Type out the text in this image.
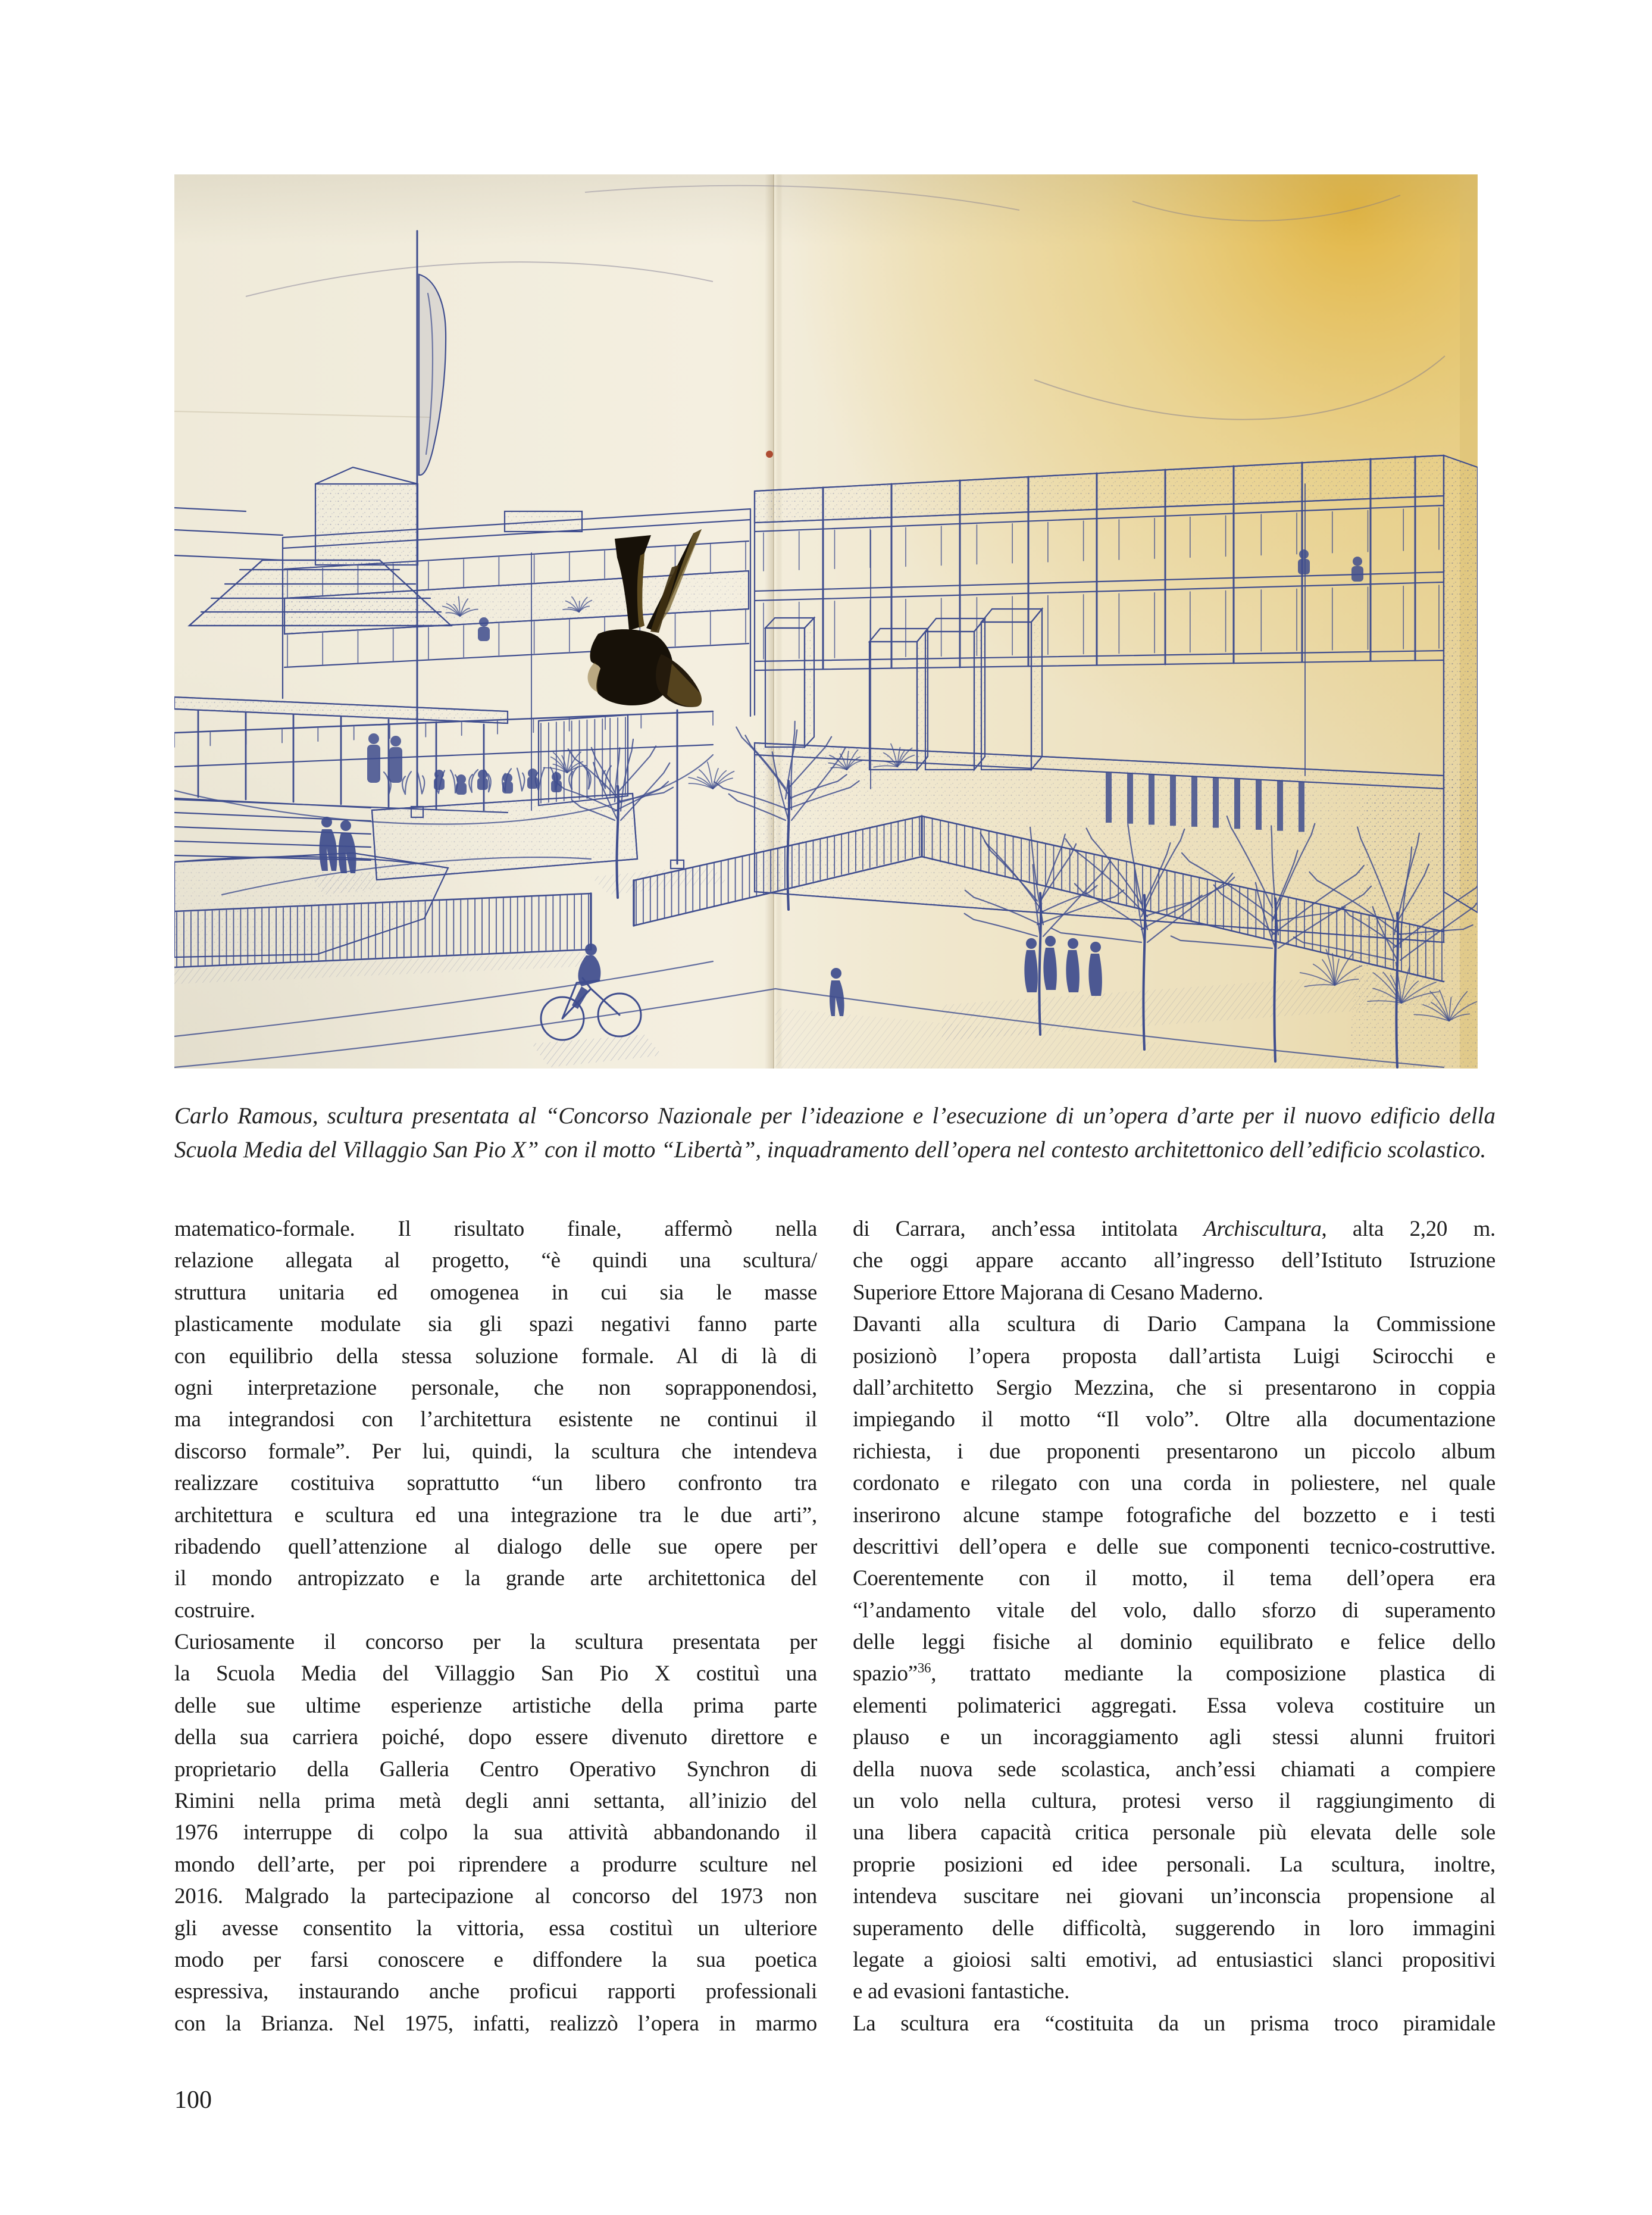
Carlo Ramous, scultura presentata al “Concorso Nazionale per l’ideazione e l’esecuzione di un’opera d’arte per il nuovo edificio della Scuola Media del Villaggio San Pio X” con il motto “Libertà”, inquadramento dell’opera nel contesto architettonico dell’edificio scolastico.
matematico-formale. Il risultato finale, affermò nella
relazione allegata al progetto, “è quindi una scultura/
struttura unitaria ed omogenea in cui sia le masse
plasticamente modulate sia gli spazi negativi fanno parte
con equilibrio della stessa soluzione formale. Al di là di
ogni interpretazione personale, che non soprapponendosi,
ma integrandosi con l’architettura esistente ne continui il
discorso formale”. Per lui, quindi, la scultura che intendeva
realizzare costituiva soprattutto “un libero confronto tra
architettura e scultura ed una integrazione tra le due arti”,
ribadendo quell’attenzione al dialogo delle sue opere per
il mondo antropizzato e la grande arte architettonica del
costruire.
Curiosamente il concorso per la scultura presentata per
la Scuola Media del Villaggio San Pio X costituì una
delle sue ultime esperienze artistiche della prima parte
della sua carriera poiché, dopo essere divenuto direttore e
proprietario della Galleria Centro Operativo Synchron di
Rimini nella prima metà degli anni settanta, all’inizio del
1976 interruppe di colpo la sua attività abbandonando il
mondo dell’arte, per poi riprendere a produrre sculture nel
2016. Malgrado la partecipazione al concorso del 1973 non
gli avesse consentito la vittoria, essa costituì un ulteriore
modo per farsi conoscere e diffondere la sua poetica
espressiva, instaurando anche proficui rapporti professionali
con la Brianza. Nel 1975, infatti, realizzò l’opera in marmo
di Carrara, anch’essa intitolata Archiscultura, alta 2,20 m.
che oggi appare accanto all’ingresso dell’Istituto Istruzione
Superiore Ettore Majorana di Cesano Maderno.
Davanti alla scultura di Dario Campana la Commissione
posizionò l’opera proposta dall’artista Luigi Scirocchi e
dall’architetto Sergio Mezzina, che si presentarono in coppia
impiegando il motto “Il volo”. Oltre alla documentazione
richiesta, i due proponenti presentarono un piccolo album
cordonato e rilegato con una corda in poliestere, nel quale
inserirono alcune stampe fotografiche del bozzetto e i testi
descrittivi dell’opera e delle sue componenti tecnico-costruttive.
Coerentemente con il motto, il tema dell’opera era
“l’andamento vitale del volo, dallo sforzo di superamento
delle leggi fisiche al dominio equilibrato e felice dello
spazio”$^{36}$, trattato mediante la composizione plastica di
elementi polimaterici aggregati. Essa voleva costituire un
plauso e un incoraggiamento agli stessi alunni fruitori
della nuova sede scolastica, anch’essi chiamati a compiere
un volo nella cultura, protesi verso il raggiungimento di
una libera capacità critica personale più elevata delle sole
proprie posizioni ed idee personali. La scultura, inoltre,
intendeva suscitare nei giovani un’inconscia propensione al
superamento delle difficoltà, suggerendo in loro immagini
legate a gioiosi salti emotivi, ad entusiastici slanci propositivi
e ad evasioni fantastiche.
La scultura era “costituita da un prisma troco piramidale
100
